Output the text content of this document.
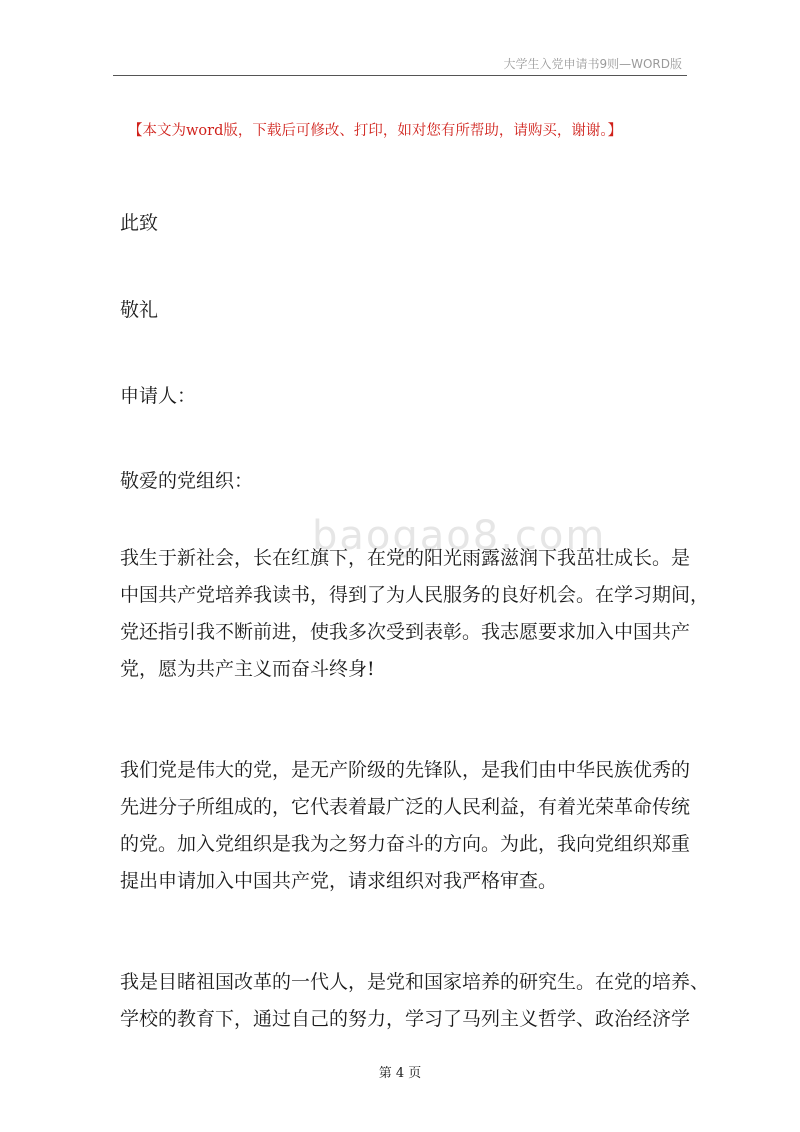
大学生入党申请书9则—WORD版
【本文为word版，下载后可修改、打印，如对您有所帮助，请购买，谢谢。】
baogao8.com
此致
敬礼
申请人：
敬爱的党组织：
我生于新社会，长在红旗下，在党的阳光雨露滋润下我茁壮成长。是
中国共产党培养我读书，得到了为人民服务的良好机会。在学习期间，
党还指引我不断前进，使我多次受到表彰。我志愿要求加入中国共产
党，愿为共产主义而奋斗终身!
我们党是伟大的党，是无产阶级的先锋队，是我们由中华民族优秀的
先进分子所组成的，它代表着最广泛的人民利益，有着光荣革命传统
的党。加入党组织是我为之努力奋斗的方向。为此，我向党组织郑重
提出申请加入中国共产党，请求组织对我严格审查。
我是目睹祖国改革的一代人，是党和国家培养的研究生。在党的培养、
学校的教育下，通过自己的努力，学习了马列主义哲学、政治经济学
第 4 页
